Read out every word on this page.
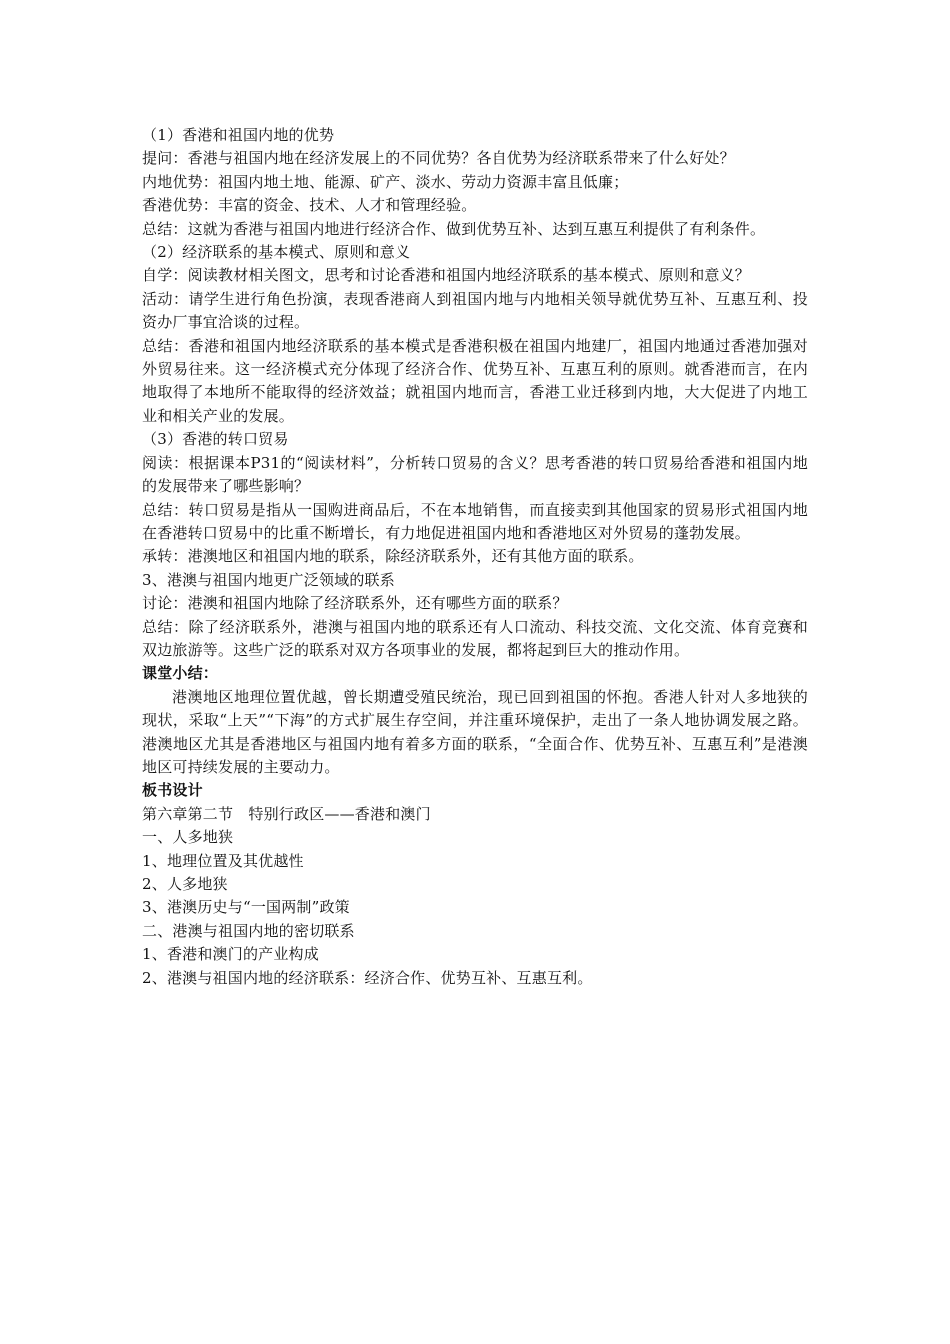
（1）香港和祖国内地的优势

提问：香港与祖国内地在经济发展上的不同优势？各自优势为经济联系带来了什么好处？

内地优势：祖国内地土地、能源、矿产、淡水、劳动力资源丰富且低廉；

香港优势：丰富的资金、技术、人才和管理经验。

总结：这就为香港与祖国内地进行经济合作、做到优势互补、达到互惠互利提供了有利条件。

（2）经济联系的基本模式、原则和意义

自学：阅读教材相关图文，思考和讨论香港和祖国内地经济联系的基本模式、原则和意义？

活动：请学生进行角色扮演，表现香港商人到祖国内地与内地相关领导就优势互补、互惠互利、投资办厂事宜洽谈的过程。

总结：香港和祖国内地经济联系的基本模式是香港积极在祖国内地建厂，祖国内地通过香港加强对外贸易往来。这一经济模式充分体现了经济合作、优势互补、互惠互利的原则。就香港而言，在内地取得了本地所不能取得的经济效益；就祖国内地而言，香港工业迁移到内地，大大促进了内地工业和相关产业的发展。

（3）香港的转口贸易

阅读：根据课本P31的“阅读材料”，分析转口贸易的含义？思考香港的转口贸易给香港和祖国内地的发展带来了哪些影响？

总结：转口贸易是指从一国购进商品后，不在本地销售，而直接卖到其他国家的贸易形式祖国内地在香港转口贸易中的比重不断增长，有力地促进祖国内地和香港地区对外贸易的蓬勃发展。

承转：港澳地区和祖国内地的联系，除经济联系外，还有其他方面的联系。

3、港澳与祖国内地更广泛领域的联系

讨论：港澳和祖国内地除了经济联系外，还有哪些方面的联系？

总结：除了经济联系外，港澳与祖国内地的联系还有人口流动、科技交流、文化交流、体育竞赛和双边旅游等。这些广泛的联系对双方各项事业的发展，都将起到巨大的推动作用。

课堂小结：

港澳地区地理位置优越，曾长期遭受殖民统治，现已回到祖国的怀抱。香港人针对人多地狭的现状，采取“上天”“下海”的方式扩展生存空间，并注重环境保护，走出了一条人地协调发展之路。港澳地区尤其是香港地区与祖国内地有着多方面的联系，“全面合作、优势互补、互惠互利”是港澳地区可持续发展的主要动力。

板书设计

第六章第二节　特别行政区——香港和澳门

一、人多地狭

1、地理位置及其优越性

2、人多地狭

3、港澳历史与“一国两制”政策

二、港澳与祖国内地的密切联系

1、香港和澳门的产业构成

2、港澳与祖国内地的经济联系：经济合作、优势互补、互惠互利。
